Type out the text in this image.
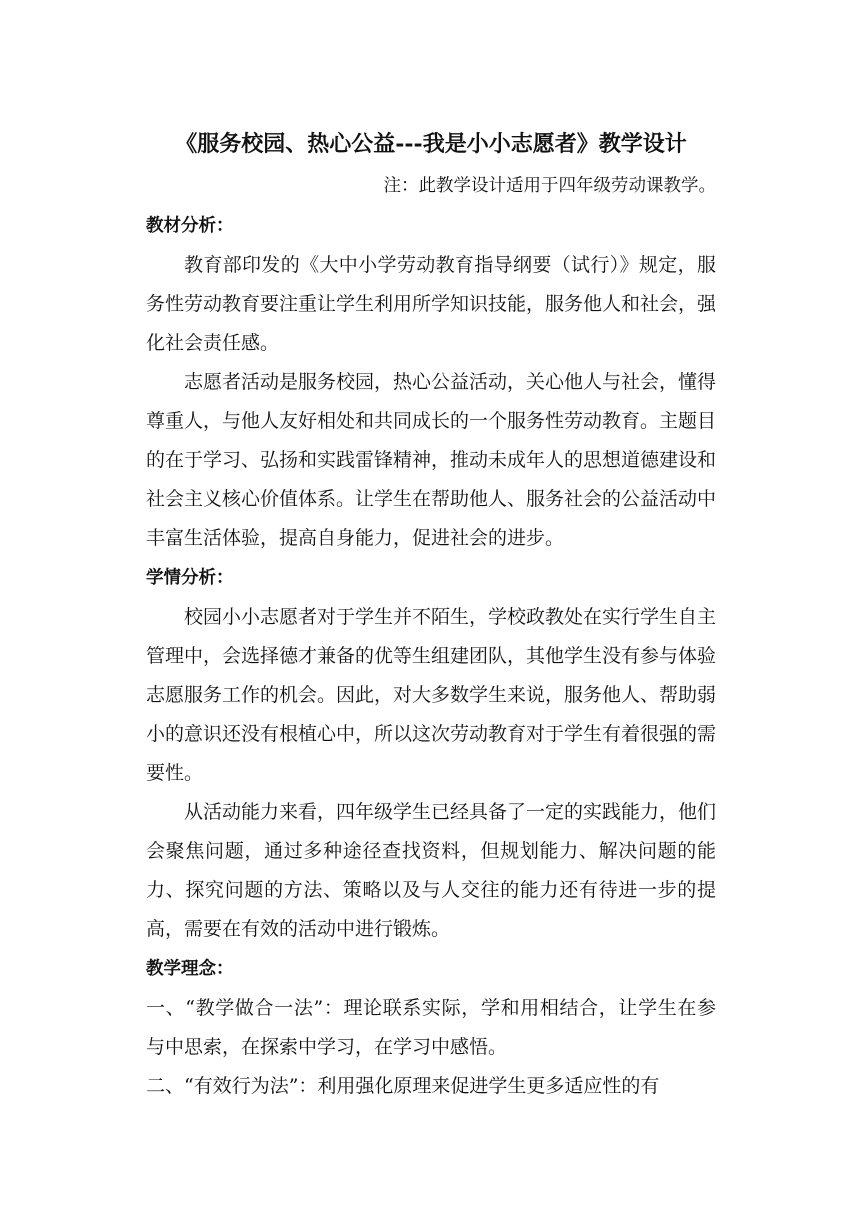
《服务校园、热心公益---我是小小志愿者》教学设计

注：此教学设计适用于四年级劳动课教学。

教材分析：

教育部印发的《大中小学劳动教育指导纲要（试行）》规定，服务性劳动教育要注重让学生利用所学知识技能，服务他人和社会，强化社会责任感。

志愿者活动是服务校园，热心公益活动，关心他人与社会，懂得尊重人，与他人友好相处和共同成长的一个服务性劳动教育。主题目的在于学习、弘扬和实践雷锋精神，推动未成年人的思想道德建设和社会主义核心价值体系。让学生在帮助他人、服务社会的公益活动中丰富生活体验，提高自身能力，促进社会的进步。

学情分析：

校园小小志愿者对于学生并不陌生，学校政教处在实行学生自主管理中，会选择德才兼备的优等生组建团队，其他学生没有参与体验志愿服务工作的机会。因此，对大多数学生来说，服务他人、帮助弱小的意识还没有根植心中，所以这次劳动教育对于学生有着很强的需要性。

从活动能力来看，四年级学生已经具备了一定的实践能力，他们会聚焦问题，通过多种途径查找资料，但规划能力、解决问题的能力、探究问题的方法、策略以及与人交往的能力还有待进一步的提高，需要在有效的活动中进行锻炼。

教学理念：

一、“教学做合一法”：理论联系实际，学和用相结合，让学生在参与中思索，在探索中学习，在学习中感悟。

二、“有效行为法”：利用强化原理来促进学生更多适应性的有
